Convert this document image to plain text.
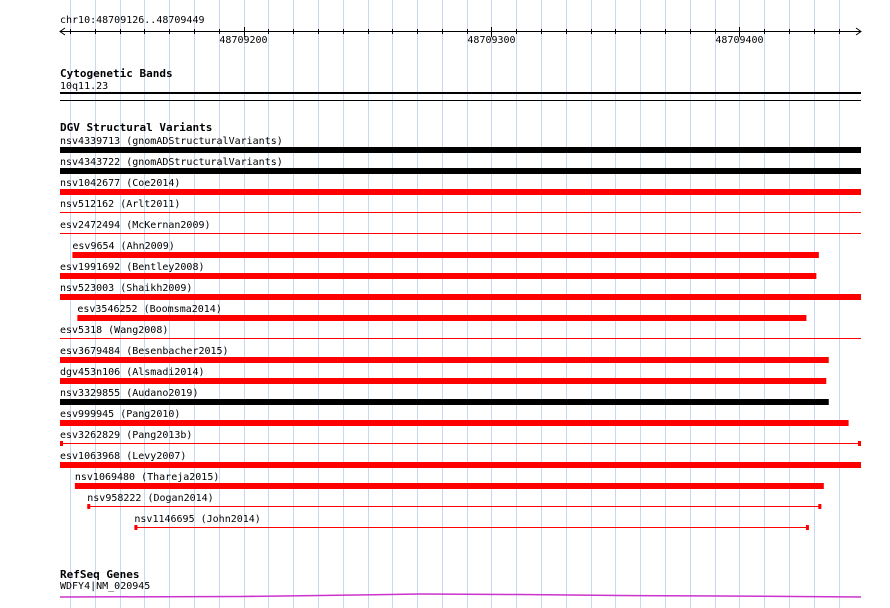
chr10:48709126..48709449
48709200	48709300	48709400
Cytogenetic Bands
10q11.23
DGV Structural Variants
nsv4339713 (gnomADStructuralVariants)
nsv4343722 (gnomADStructuralVariants)
nsv1042677 (Coe2014)
nsv512162 (Arlt2011)
esv2472494 (McKernan2009)
esv9654 (Ahn2009)
esv1991692 (Bentley2008)
nsv523003 (Shaikh2009)
esv3546252 (Boomsma2014)
esv5318 (Wang2008)
esv3679484 (Besenbacher2015)
dgv453n106 (Alsmadi2014)
nsv3329855 (Audano2019)
esv999945 (Pang2010)
esv3262829 (Pang2013b)
esv1063968 (Levy2007)
nsv1069480 (Thareja2015)
nsv958222 (Dogan2014)
nsv1146695 (John2014)
RefSeq Genes
WDFY4|NM_020945
